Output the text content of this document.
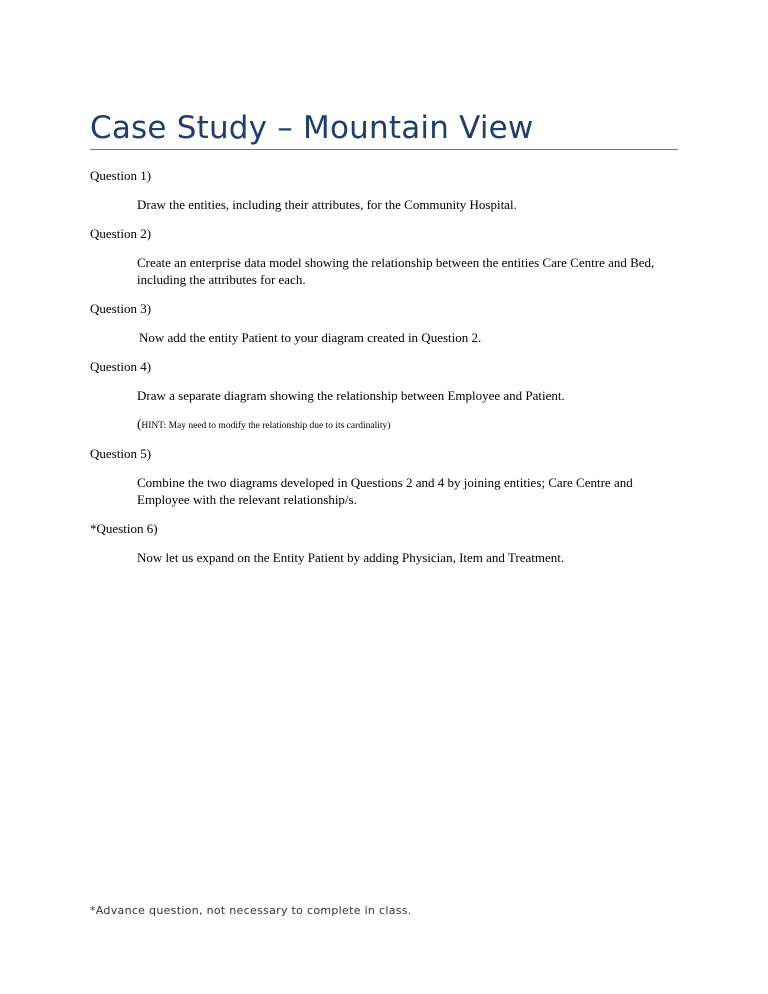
Case Study – Mountain View
Question 1)
Draw the entities, including their attributes, for the Community Hospital.
Question 2)
Create an enterprise data model showing the relationship between the entities Care Centre and Bed, including the attributes for each.
Question 3)
Now add the entity Patient to your diagram created in Question 2.
Question 4)
Draw a separate diagram showing the relationship between Employee and Patient.
(HINT: May need to modify the relationship due to its cardinality)
Question 5)
Combine the two diagrams developed in Questions 2 and 4 by joining entities; Care Centre and Employee with the relevant relationship/s.
*Question 6)
Now let us expand on the Entity Patient by adding Physician, Item and Treatment.
*Advance question, not necessary to complete in class.
